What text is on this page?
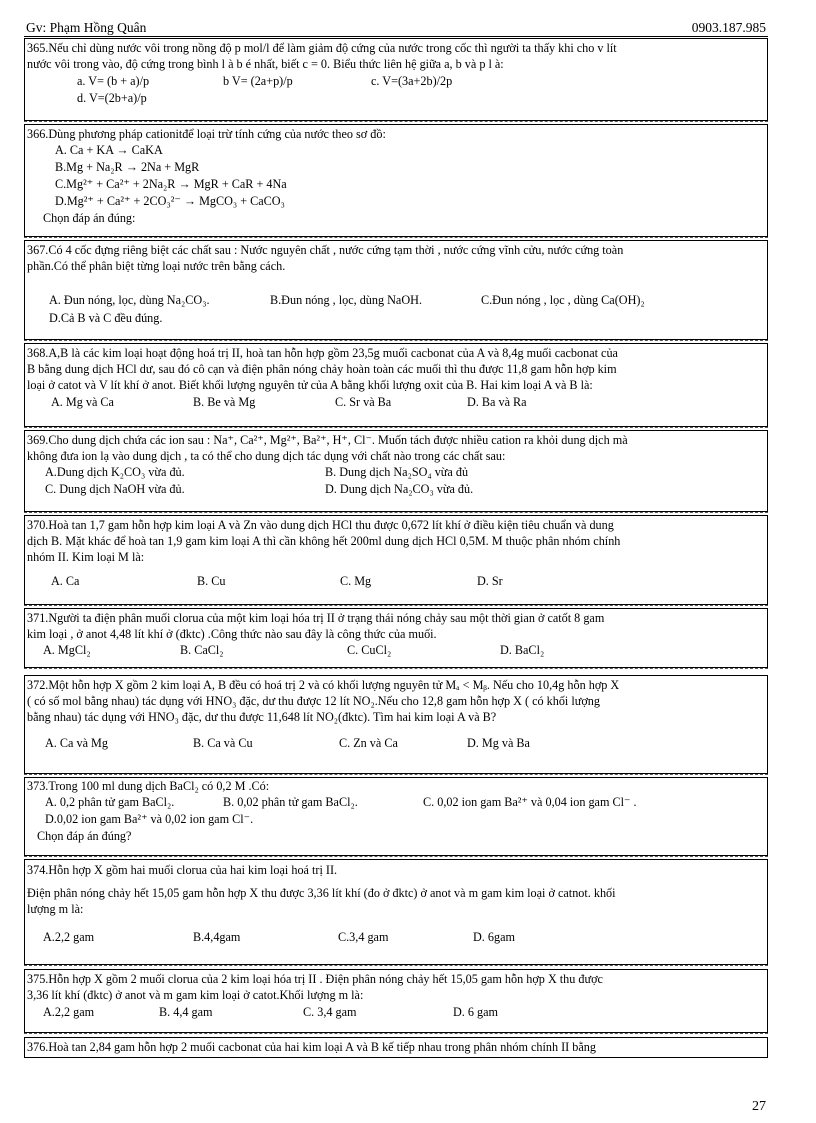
Gv: Phạm Hồng Quân	0903.187.985
365.Nếu chỉ dùng nước vôi trong nồng độ p mol/l để làm giảm độ cứng của nước trong cốc thì người ta thấy khi cho v lít
nước vôi trong vào, độ cứng trong bình l à b é nhất, biết c = 0. Biểu thức liên hệ giữa a, b và p l à:
a. V= (b + a)/p	b V= (2a+p)/p	c. V=(3a+2b)/2p
d. V=(2b+a)/p
366.Dùng phương pháp cationitđể loại trừ tính cứng của nước theo sơ đồ:
A. Ca + KA → CaKA
B.Mg + Na₂R → 2Na + MgR
C.Mg²⁺ + Ca²⁺ + 2Na₂R → MgR + CaR + 4Na
D.Mg²⁺ + Ca²⁺ + 2CO₃²⁻ → MgCO₃ + CaCO₃
Chọn đáp án đúng:
367.Có 4 cốc đựng riêng biệt các chất sau : Nước nguyên chất , nước cứng tạm thời , nước cứng vĩnh cửu, nước cứng toàn
phần.Có thể phân biệt từng loại nước trên bằng cách.
A. Đun nóng, lọc, dùng Na₂CO₃.	B.Đun nóng , lọc, dùng NaOH.	C.Đun nóng , lọc , dùng Ca(OH)₂
D.Cả B và C đều đúng.
368.A,B là các kim loại hoạt động hoá trị II, hoà tan hỗn hợp gồm 23,5g muối cacbonat của A và 8,4g muối cacbonat của
B bằng dung dịch HCl dư, sau đó cô cạn và điện phân nóng chảy hoàn toàn các muối thì thu được 11,8 gam hỗn hợp kim
loại ở catot và V lít khí ở anot. Biết khối lượng nguyên tử của A bằng khối lượng oxit của B. Hai kim loại A và B là:
A. Mg và Ca	B. Be và Mg	C. Sr và Ba	D. Ba và Ra
369.Cho dung dịch chứa các ion sau : Na⁺, Ca²⁺, Mg²⁺, Ba²⁺, H⁺, Cl⁻. Muốn tách được nhiều cation ra khỏi dung dịch mà
không đưa ion lạ vào dung dịch , ta có thể cho dung dịch tác dụng với chất nào trong các chất sau:
A.Dung dịch K₂CO₃ vừa đủ.	B. Dung dịch Na₂SO₄ vừa đủ
C. Dung dịch NaOH vừa đủ.	D. Dung dịch Na₂CO₃ vừa đủ.
370.Hoà tan 1,7 gam hỗn hợp kim loại A và Zn vào dung dịch HCl thu được 0,672 lít khí ở điều kiện tiêu chuẩn và dung
dịch B. Mặt khác để hoà tan 1,9 gam kim loại A thì cần không hết 200ml dung dịch HCl 0,5M. M thuộc phân nhóm chính
nhóm II. Kim loại M là:
A. Ca	B. Cu	C. Mg	D. Sr
371.Người ta điện phân muối clorua của một kim loại hóa trị II ở trạng thái nóng chảy sau một thời gian ở catốt 8 gam
kim loại , ở anot 4,48 lít khí ở (đktc) .Công thức nào sau đây là công thức của muối.
A. MgCl₂	B. CaCl₂	C. CuCl₂	D. BaCl₂
372.Một hỗn hợp X gồm 2 kim loại A, B đều có hoá trị 2 và có khối lượng nguyên tử Mₐ < Mᵦ. Nếu cho 10,4g hỗn hợp X
( có số mol bằng nhau) tác dụng với HNO₃ đặc, dư thu được 12 lít NO₂.Nếu cho 12,8 gam hỗn hợp X ( có khối lượng
bằng nhau) tác dụng với HNO₃ đặc, dư thu được 11,648 lít NO₂(đktc). Tìm hai kim loại A và B?
A. Ca và Mg	B. Ca và Cu	C. Zn và Ca	D. Mg và Ba
373.Trong 100 ml dung dịch BaCl₂ có 0,2 M .Có:
A. 0,2 phân tử gam BaCl₂.	B. 0,02 phân tử gam BaCl₂.	C. 0,02 ion gam Ba²⁺ và 0,04 ion gam Cl⁻ .
D.0,02 ion gam Ba²⁺ và 0,02 ion gam Cl⁻.
Chọn đáp án đúng?
374.Hỗn hợp X gồm hai muối clorua của hai kim loại hoá trị II.
Điện phân nóng chảy hết 15,05 gam hỗn hợp X thu được 3,36 lít khí (đo ở đktc) ở anot và m gam kim loại ở catnot. khối
lượng m là:
A.2,2 gam	B.4,4gam	C.3,4 gam	D. 6gam
375.Hỗn hợp X gồm 2 muối clorua của 2 kim loại hóa trị II . Điện phân nóng chảy hết 15,05 gam hỗn hợp X thu được
3,36 lít khí (đktc) ở anot và m gam kim loại ở catot.Khối lượng m là:
A.2,2 gam	B. 4,4 gam	C. 3,4 gam	D. 6 gam
376.Hoà tan 2,84 gam hỗn hợp 2 muối cacbonat của hai kim loại A và B kế tiếp nhau trong phân nhóm chính II bằng
27
